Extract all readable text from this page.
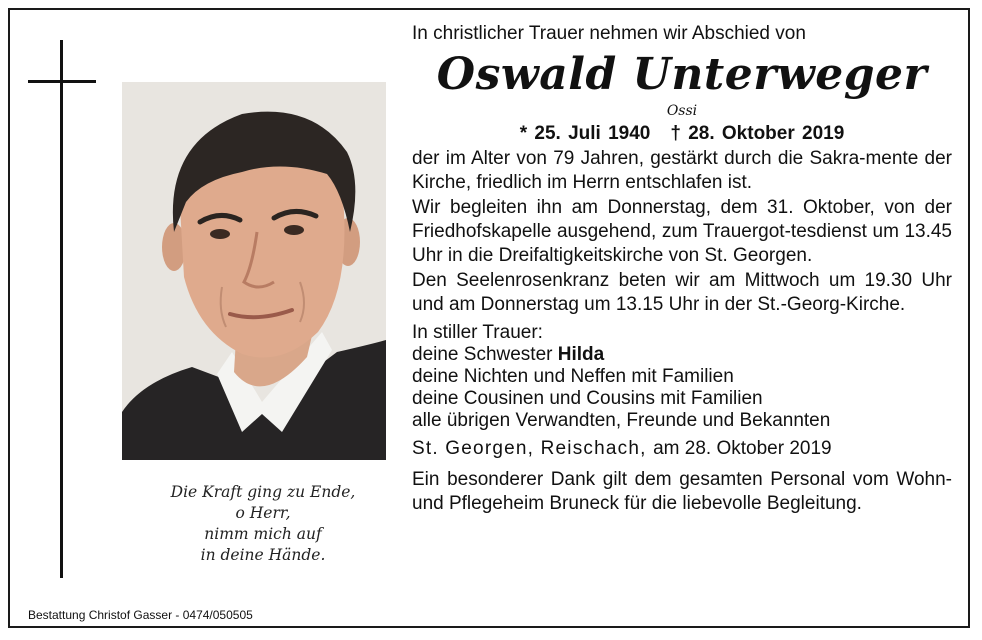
Die Kraft ging zu Ende,
o Herr,
nimm mich auf
in deine Hände.
Bestattung Christof Gasser - 0474/050505
In christlicher Trauer nehmen wir Abschied von
Oswald Unterweger
Ossi
* 25. Juli 1940 † 28. Oktober 2019

der im Alter von 79 Jahren, gestärkt durch die Sakra-mente der Kirche, friedlich im Herrn entschlafen ist.

Wir begleiten ihn am Donnerstag, dem 31. Oktober, von der Friedhofskapelle ausgehend, zum Trauergot-tesdienst um 13.45 Uhr in die Dreifaltigkeitskirche von St. Georgen.

Den Seelenrosenkranz beten wir am Mittwoch um 19.30 Uhr und am Donnerstag um 13.15 Uhr in der St.-Georg-Kirche.

In stiller Trauer:
deine Schwester Hilda
deine Nichten und Neffen mit Familien
deine Cousinen und Cousins mit Familien
alle übrigen Verwandten, Freunde und Bekannten
St. Georgen, Reischach, am 28. Oktober 2019

Ein besonderer Dank gilt dem gesamten Personal vom Wohn- und Pflegeheim Bruneck für die liebevolle Begleitung.
